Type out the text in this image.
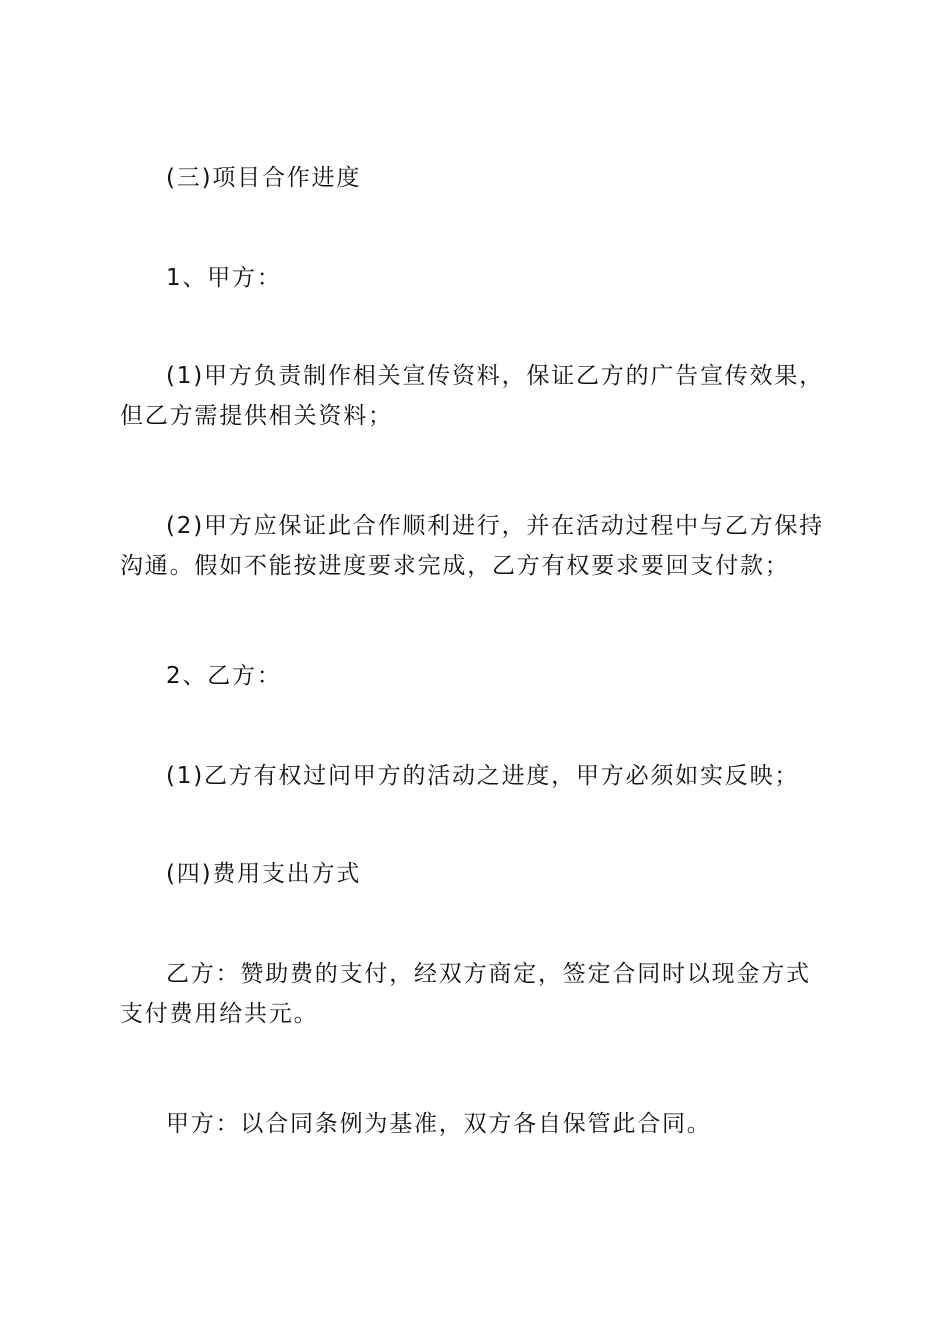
(三)项目合作进度

1、甲方：

(1)甲方负责制作相关宣传资料，保证乙方的广告宣传效果，但乙方需提供相关资料；

(2)甲方应保证此合作顺利进行，并在活动过程中与乙方保持沟通。假如不能按进度要求完成，乙方有权要求要回支付款；

2、乙方：

(1)乙方有权过问甲方的活动之进度，甲方必须如实反映；

(四)费用支出方式

乙方：赞助费的支付，经双方商定，签定合同时以现金方式支付费用给共元。

甲方：以合同条例为基准，双方各自保管此合同。
